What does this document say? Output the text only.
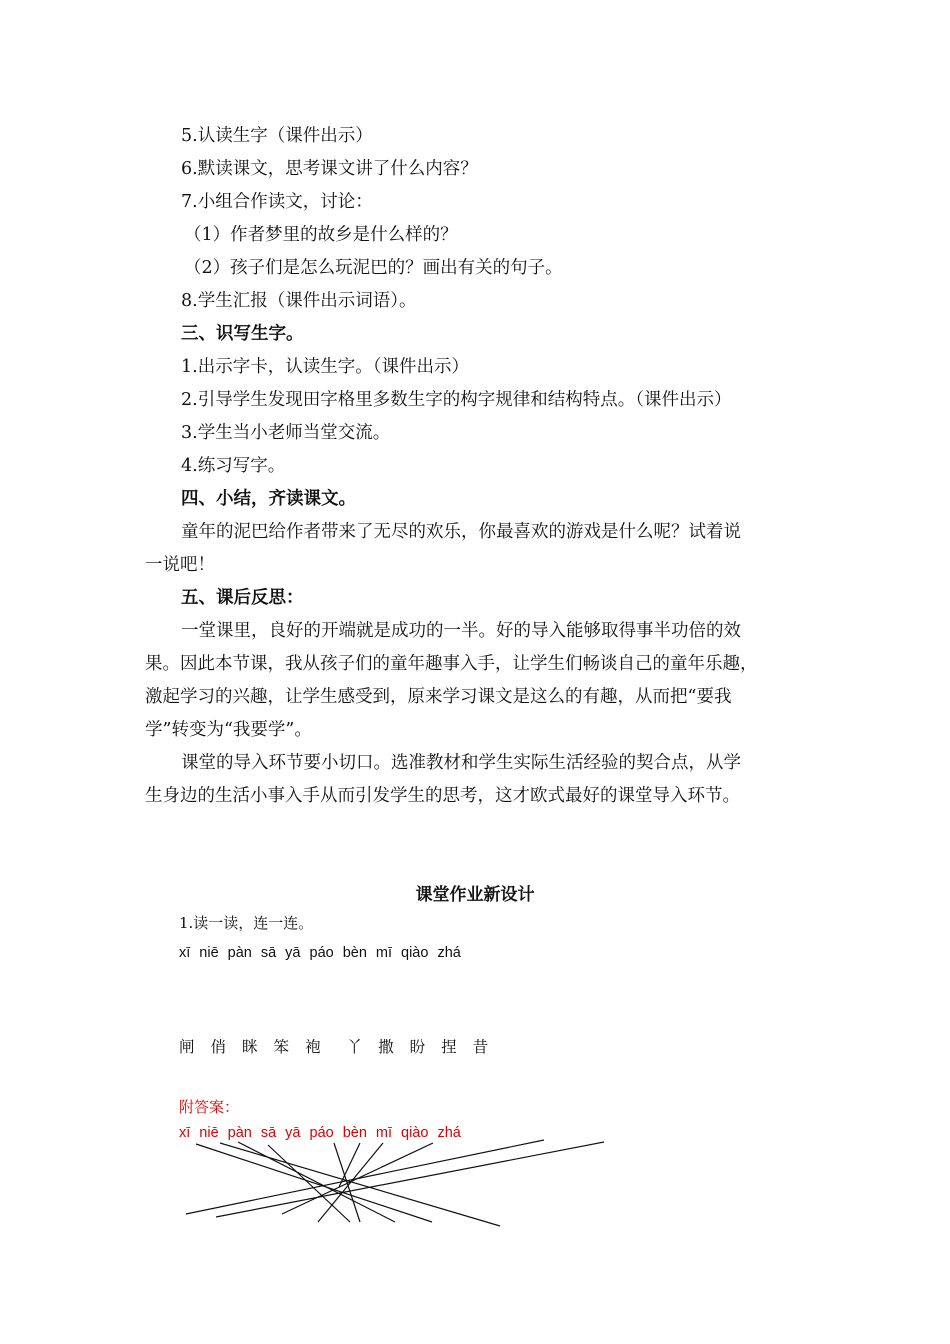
5.认读生字（课件出示）
6.默读课文，思考课文讲了什么内容？
7.小组合作读文，讨论：
（1）作者梦里的故乡是什么样的？
（2）孩子们是怎么玩泥巴的？画出有关的句子。
8.学生汇报（课件出示词语）。
三、识写生字。
1.出示字卡，认读生字。（课件出示）
2.引导学生发现田字格里多数生字的构字规律和结构特点。（课件出示）
3.学生当小老师当堂交流。
4.练习写字。
四、小结，齐读课文。
童年的泥巴给作者带来了无尽的欢乐，你最喜欢的游戏是什么呢？试着说
一说吧！
五、课后反思：
一堂课里，良好的开端就是成功的一半。好的导入能够取得事半功倍的效
果。因此本节课，我从孩子们的童年趣事入手，让学生们畅谈自己的童年乐趣，
激起学习的兴趣，让学生感受到，原来学习课文是这么的有趣，从而把“要我
学”转变为“我要学”。
课堂的导入环节要小切口。选准教材和学生实际生活经验的契合点，从学
生身边的生活小事入手从而引发学生的思考，这才欧式最好的课堂导入环节。
课堂作业新设计
1.读一读，连一连。
xī niē pàn sā yā páo bèn mī qiào zhá
闸 俏 眯 笨 袍 丫 撒 盼 捏 昔
附答案：
xī niē pàn sā yā páo bèn mī qiào zhá
